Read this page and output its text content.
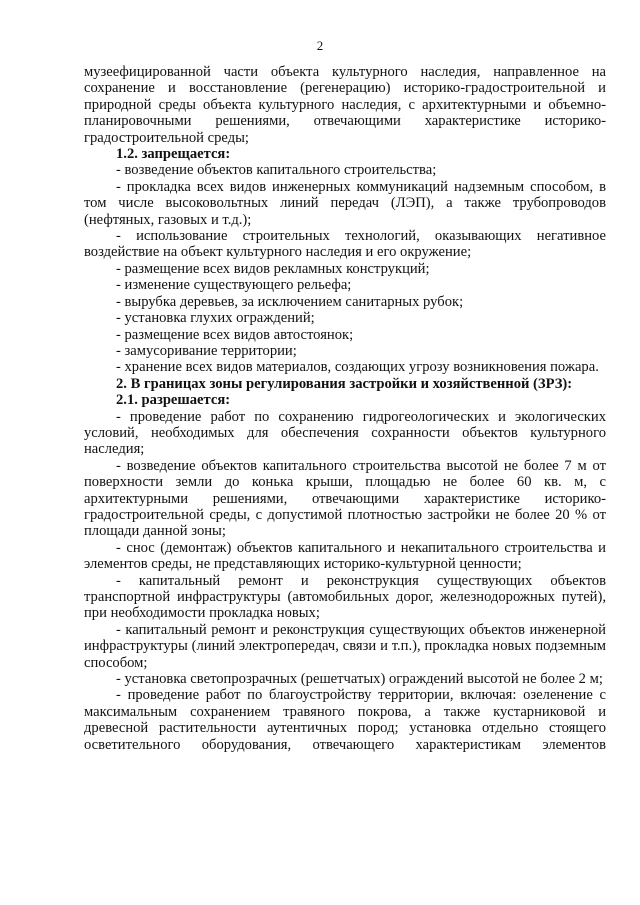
2

музеефицированной части объекта культурного наследия, направленное на сохранение и восстановление (регенерацию) историко-градостроительной и природной среды объекта культурного наследия, с архитектурными и объемно-планировочными решениями, отвечающими характеристике историко-градостроительной среды;

1.2. запрещается:

- возведение объектов капитального строительства;

- прокладка всех видов инженерных коммуникаций надземным способом, в том числе высоковольтных линий передач (ЛЭП), а также трубопроводов (нефтяных, газовых и т.д.);

- использование строительных технологий, оказывающих негативное воздействие на объект культурного наследия и его окружение;

- размещение всех видов рекламных конструкций;

- изменение существующего рельефа;

- вырубка деревьев, за исключением санитарных рубок;

- установка глухих ограждений;

- размещение всех видов автостоянок;

- замусоривание территории;

- хранение всех видов материалов, создающих угрозу возникновения пожара.

2. В границах зоны регулирования застройки и хозяйственной (ЗРЗ):

2.1. разрешается:

- проведение работ по сохранению гидрогеологических и экологических условий, необходимых для обеспечения сохранности объектов культурного наследия;

- возведение объектов капитального строительства высотой не более 7 м от поверхности земли до конька крыши, площадью не более 60 кв. м, с архитектурными решениями, отвечающими характеристике историко-градостроительной среды, с допустимой плотностью застройки не более 20 % от площади данной зоны;

- снос (демонтаж) объектов капитального и некапитального строительства и элементов среды, не представляющих историко-культурной ценности;

- капитальный ремонт и реконструкция существующих объектов транспортной инфраструктуры (автомобильных дорог, железнодорожных путей), при необходимости прокладка новых;

- капитальный ремонт и реконструкция существующих объектов инженерной инфраструктуры (линий электропередач, связи и т.п.), прокладка новых подземным способом;

- установка светопрозрачных (решетчатых) ограждений высотой не более 2 м;

- проведение работ по благоустройству территории, включая: озеленение с максимальным сохранением травяного покрова, а также кустарниковой и древесной растительности аутентичных пород; установка отдельно стоящего осветительного оборудования, отвечающего характеристикам элементов
